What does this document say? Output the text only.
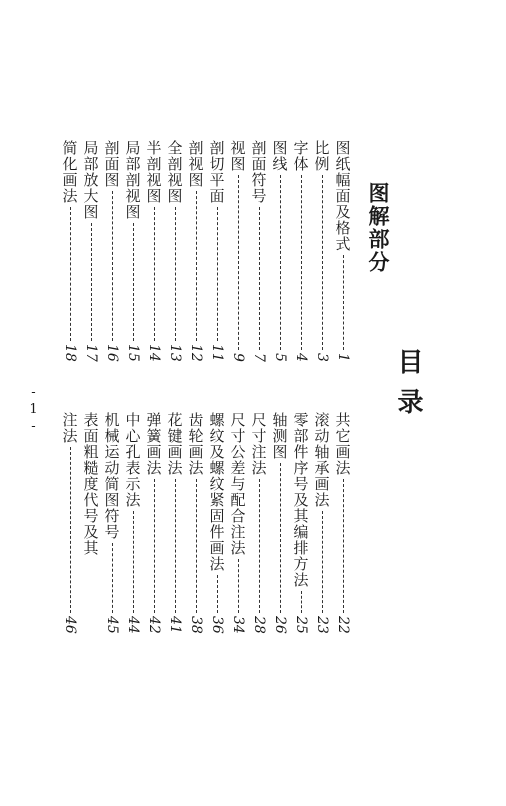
目录
图解部分
-1-
共它画法
22
滚动轴承画法
23
零部件序号及其编排方法
25
轴测图
26
尺寸注法
28
尺寸公差与配合注法
34
螺纹及螺纹紧固件画法
36
齿轮画法
38
花键画法
41
弹簧画法
42
中心孔表示法
44
机械运动简图符号
45
表面粗糙度代号及其
注法
46
图纸幅面及格式
1
比例
3
字体
4
图线
5
剖面符号
7
视图
9
剖切平面
11
剖视图
12
全剖视图
13
半剖视图
14
局部剖视图
15
剖面图
16
局部放大图
17
简化画法
18
